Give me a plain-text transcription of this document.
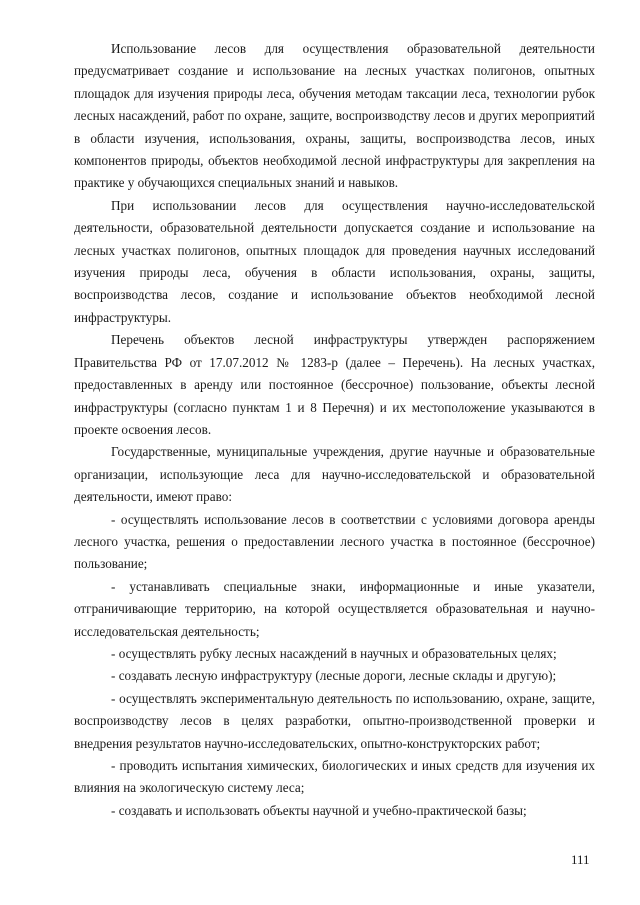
Использование лесов для осуществления образовательной деятельности предусматривает создание и использование на лесных участках полигонов, опытных площадок для изучения природы леса, обучения методам таксации леса, технологии рубок лесных насаждений, работ по охране, защите, воспроизводству лесов и других мероприятий в области изучения, использования, охраны, защиты, воспроизводства лесов, иных компонентов природы, объектов необходимой лесной инфраструктуры для закрепления на практике у обучающихся специальных знаний и навыков.

При использовании лесов для осуществления научно-исследовательской деятельности, образовательной деятельности допускается создание и использование на лесных участках полигонов, опытных площадок для проведения научных исследований изучения природы леса, обучения в области использования, охраны, защиты, воспроизводства лесов, создание и использование объектов необходимой лесной инфраструктуры.

Перечень объектов лесной инфраструктуры утвержден распоряжением Правительства РФ от 17.07.2012 № 1283-р (далее – Перечень). На лесных участках, предоставленных в аренду или постоянное (бессрочное) пользование, объекты лесной инфраструктуры (согласно пунктам 1 и 8 Перечня) и их местоположение указываются в проекте освоения лесов.

Государственные, муниципальные учреждения, другие научные и образовательные организации, использующие леса для научно-исследовательской и образовательной деятельности, имеют право:

- осуществлять использование лесов в соответствии с условиями договора аренды лесного участка, решения о предоставлении лесного участка в постоянное (бессрочное) пользование;

- устанавливать специальные знаки, информационные и иные указатели, отграничивающие территорию, на которой осуществляется образовательная и научно-исследовательская деятельность;

- осуществлять рубку лесных насаждений в научных и образовательных целях;

- создавать лесную инфраструктуру (лесные дороги, лесные склады и другую);

- осуществлять экспериментальную деятельность по использованию, охране, защите, воспроизводству лесов в целях разработки, опытно-производственной проверки и внедрения результатов научно-исследовательских, опытно-конструкторских работ;

- проводить испытания химических, биологических и иных средств для изучения их влияния на экологическую систему леса;

- создавать и использовать объекты научной и учебно-практической базы;

111
